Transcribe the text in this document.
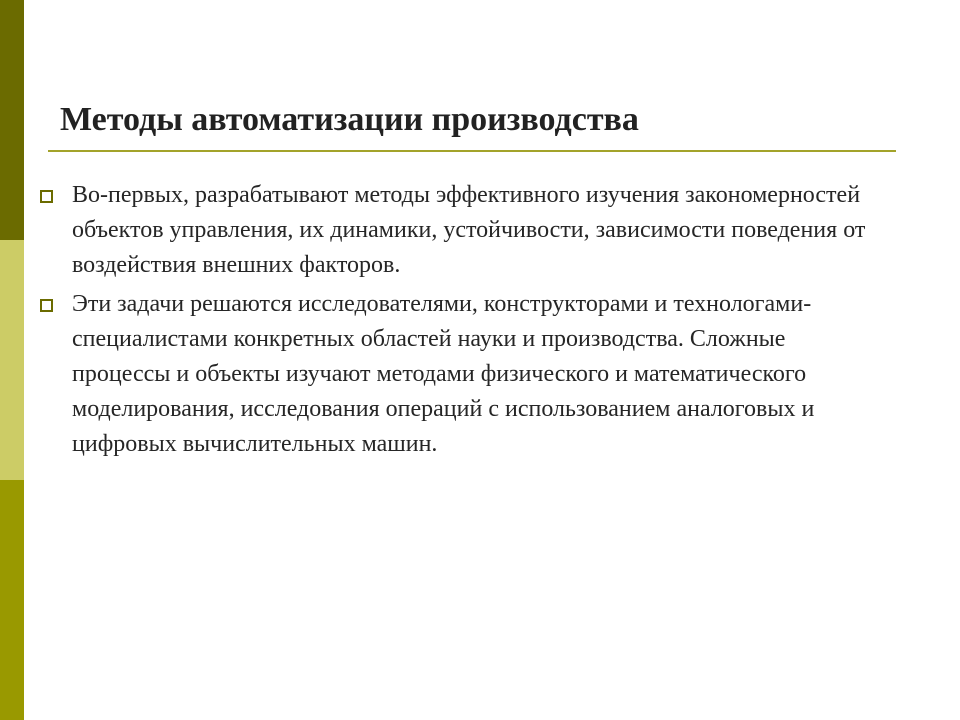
Методы автоматизации производства
Во-первых, разрабатывают методы эффективного изучения закономерностей объектов управления, их динамики, устойчивости, зависимости поведения от воздействия внешних факторов.
Эти задачи решаются исследователями, конструкторами и технологами-специалистами конкретных областей науки и производства. Сложные процессы и объекты изучают методами физического и математического моделирования, исследования операций с использованием аналоговых и цифровых вычислительных машин.
